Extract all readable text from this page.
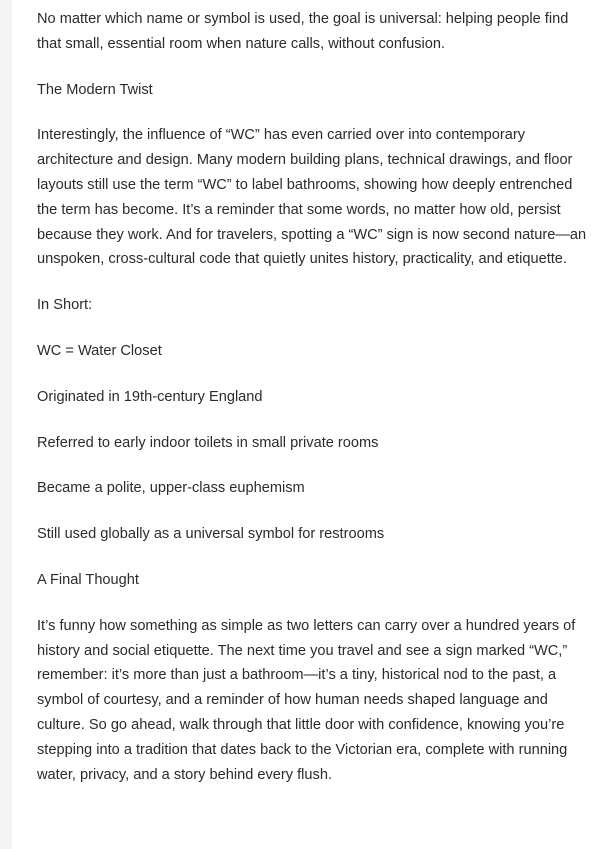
No matter which name or symbol is used, the goal is universal: helping people find that small, essential room when nature calls, without confusion.

The Modern Twist

Interestingly, the influence of “WC” has even carried over into contemporary architecture and design. Many modern building plans, technical drawings, and floor layouts still use the term “WC” to label bathrooms, showing how deeply entrenched the term has become. It’s a reminder that some words, no matter how old, persist because they work. And for travelers, spotting a “WC” sign is now second nature—an unspoken, cross-cultural code that quietly unites history, practicality, and etiquette.

In Short:

WC = Water Closet

Originated in 19th-century England

Referred to early indoor toilets in small private rooms

Became a polite, upper-class euphemism

Still used globally as a universal symbol for restrooms

A Final Thought

It’s funny how something as simple as two letters can carry over a hundred years of history and social etiquette. The next time you travel and see a sign marked “WC,” remember: it’s more than just a bathroom—it’s a tiny, historical nod to the past, a symbol of courtesy, and a reminder of how human needs shaped language and culture. So go ahead, walk through that little door with confidence, knowing you’re stepping into a tradition that dates back to the Victorian era, complete with running water, privacy, and a story behind every flush.
